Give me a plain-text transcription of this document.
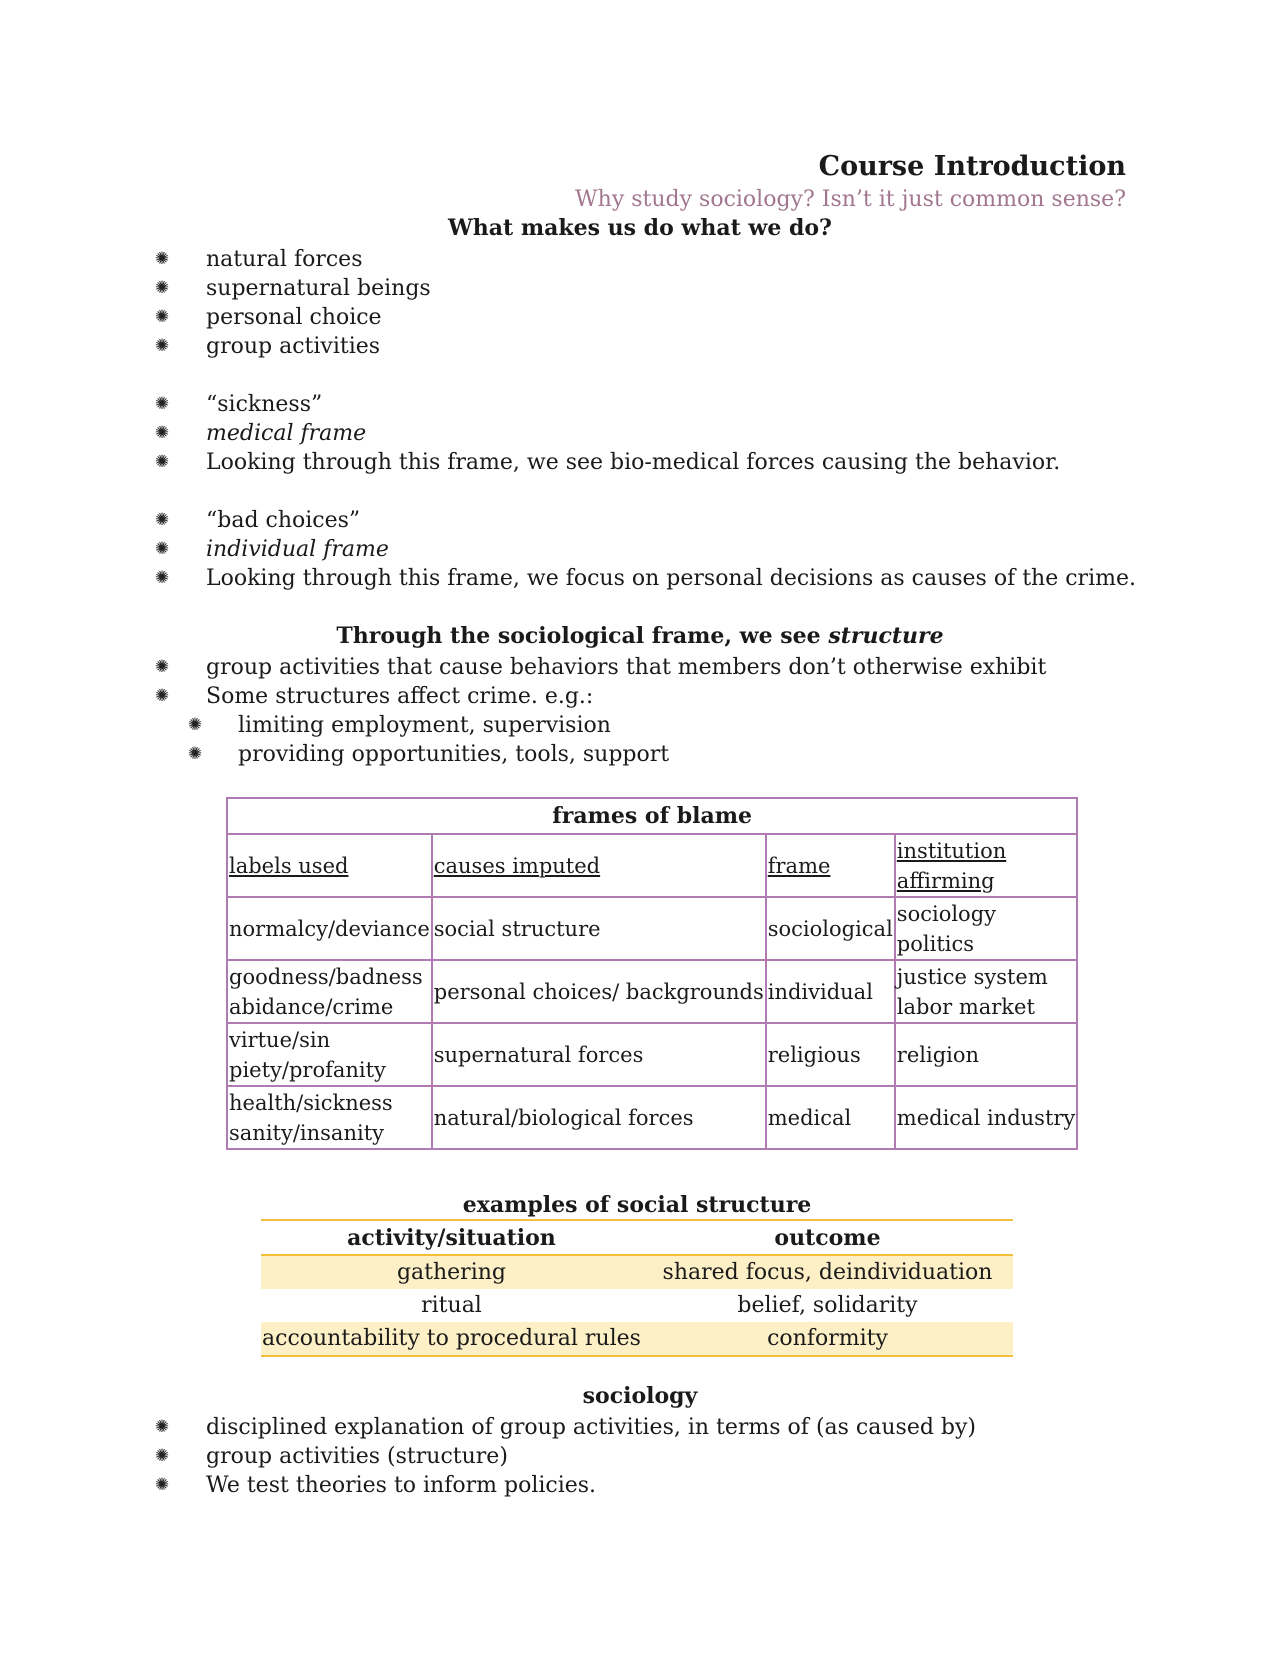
Course Introduction
Why study sociology? Isn’t it just common sense?
What makes us do what we do?
✺ natural forces
✺ supernatural beings
✺ personal choice
✺ group activities
✺ “sickness”
✺ medical frame
✺ Looking through this frame, we see bio-medical forces causing the behavior.
✺ “bad choices”
✺ individual frame
✺ Looking through this frame, we focus on personal decisions as causes of the crime.
Through the sociological frame, we see structure
✺ group activities that cause behaviors that members don’t otherwise exhibit
✺ Some structures affect crime. e.g.:
✺ limiting employment, supervision
✺ providing opportunities, tools, support
frames of blame			
labels used	causes imputed	frame	institution affirming
normalcy/deviance	social structure	sociological	sociology politics
goodness/badness abidance/crime	personal choices/ backgrounds	individual	justice system labor market
virtue/sin piety/profanity	supernatural forces	religious	religion
health/sickness sanity/insanity	natural/biological forces	medical	medical industry
examples of social structure
activity/situation	outcome
gathering	shared focus, deindividuation
ritual	belief, solidarity
accountability to procedural rules	conformity
sociology
✺ disciplined explanation of group activities, in terms of (as caused by)
✺ group activities (structure)
✺ We test theories to inform policies.
